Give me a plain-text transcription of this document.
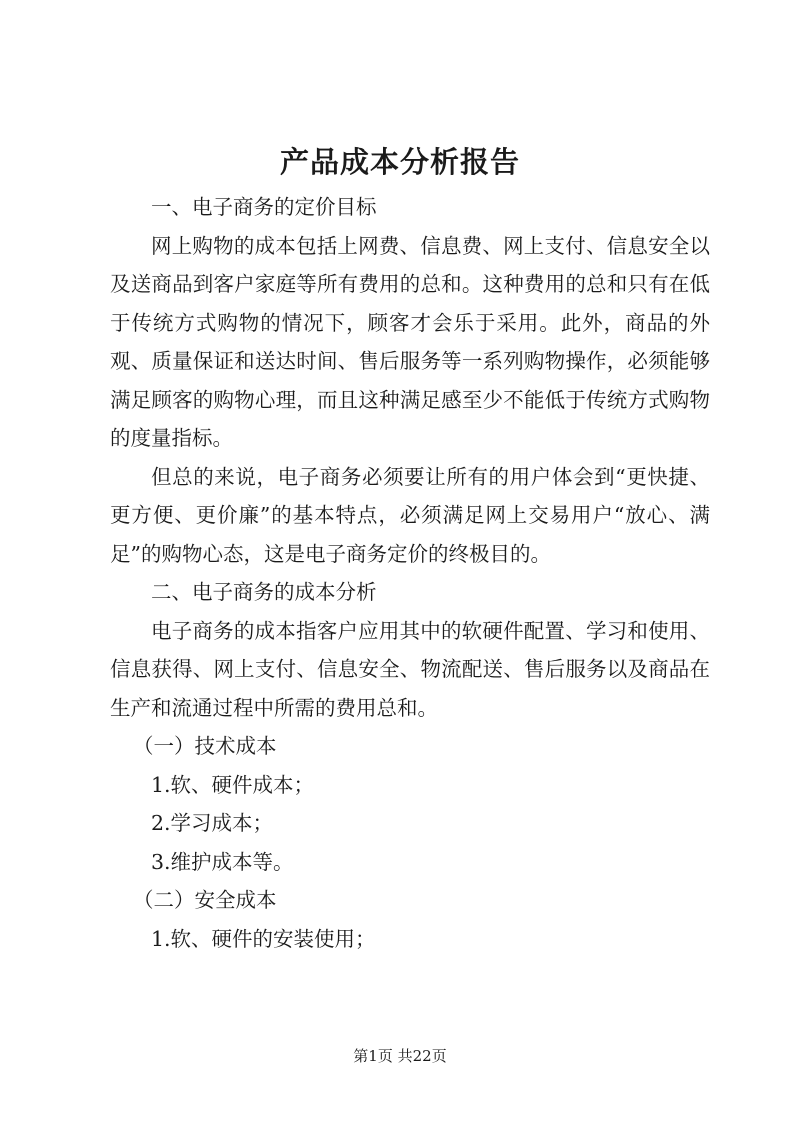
产品成本分析报告

一、电子商务的定价目标

网上购物的成本包括上网费、信息费、网上支付、信息安全以及送商品到客户家庭等所有费用的总和。这种费用的总和只有在低于传统方式购物的情况下，顾客才会乐于采用。此外，商品的外观、质量保证和送达时间、售后服务等一系列购物操作，必须能够满足顾客的购物心理，而且这种满足感至少不能低于传统方式购物的度量指标。

但总的来说，电子商务必须要让所有的用户体会到“更快捷、更方便、更价廉”的基本特点，必须满足网上交易用户“放心、满足”的购物心态，这是电子商务定价的终极目的。

二、电子商务的成本分析

电子商务的成本指客户应用其中的软硬件配置、学习和使用、信息获得、网上支付、信息安全、物流配送、售后服务以及商品在生产和流通过程中所需的费用总和。

（一）技术成本

1.软、硬件成本；

2.学习成本；

3.维护成本等。

（二）安全成本

1.软、硬件的安装使用；

第1页 共22页
